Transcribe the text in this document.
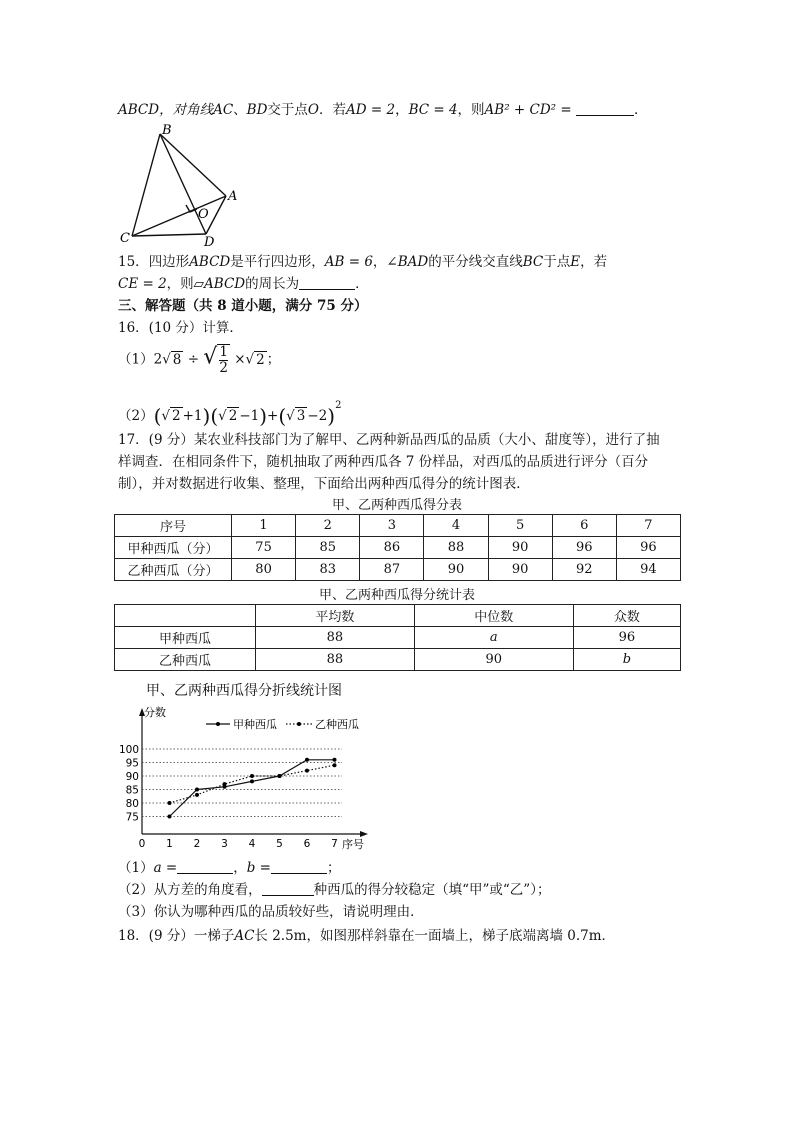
ABCD，对角线AC、BD交于点O．若AD = 2，BC = 4，则AB² + CD² =	．
B
A
O
C	D
15．四边形ABCD是平行四边形，AB = 6，∠BAD的平分线交直线BC于点E，若
CE = 2，则▱ABCD的周长为	．
三、解答题（共 8 道小题，满分 75 分）
16．(10 分）计算．
（1）2√ 8 ÷ √ $\frac{1}{2}$ ×√ 2 ；
（2）(√ 2 +1)(√ 2 −1)+(√ 3 −2)$^2$
17．(9 分）某农业科技部门为了解甲、乙两种新品西瓜的品质（大小、甜度等），进行了抽
样调查．在相同条件下，随机抽取了两种西瓜各 7 份样品，对西瓜的品质进行评分（百分
制），并对数据进行收集、整理，下面给出两种西瓜得分的统计图表．
甲、乙两种西瓜得分表
序号	1	2	3	4	5	6	7
甲种西瓜（分）	75	85	86	88	90	96	96
乙种西瓜（分）	80	83	87	90	90	92	94
甲、乙两种西瓜得分统计表
	平均数	中位数	众数
甲种西瓜	88	a	96
乙种西瓜	88	90	b
甲、乙两种西瓜得分折线统计图
75
80
85
90
95
100
0 1 2 3 4 5 6 7
分数
序号
甲种西瓜	乙种西瓜
（1）a =	，b =	；
（2）从方差的角度看，	种西瓜的得分较稳定（填“甲”或“乙”）；
（3）你认为哪种西瓜的品质较好些，请说明理由．
18．(9 分）一梯子AC长 2.5m，如图那样斜靠在一面墙上，梯子底端离墙 0.7m．
